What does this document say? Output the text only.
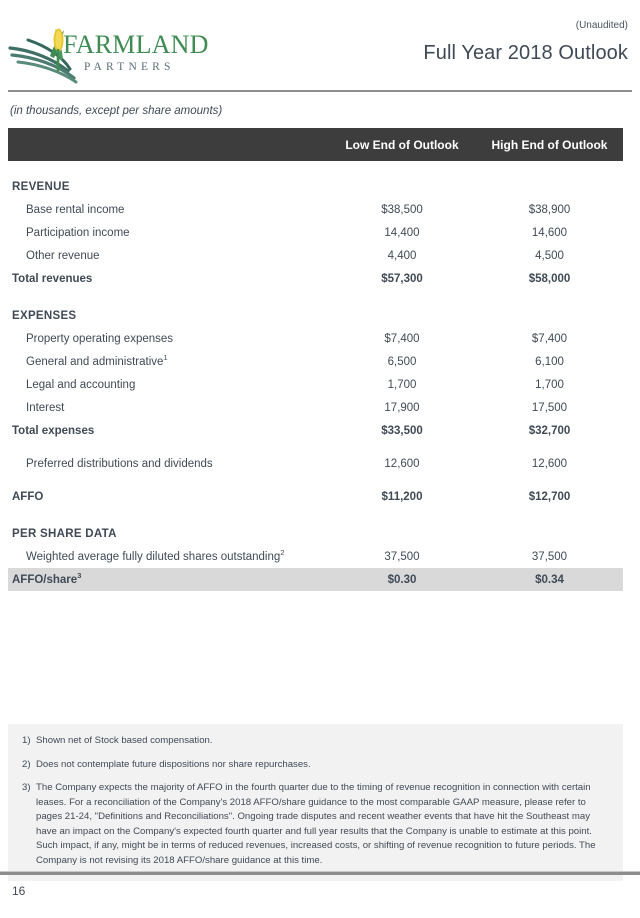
FARMLAND
PARTNERS
(Unaudited)
Full Year 2018 Outlook
(in thousands, except per share amounts)
	Low End of Outlook	High End of Outlook

REVENUE		
Base rental income	$38,500	$38,900
Participation income	14,400	14,600
Other revenue	4,400	4,500
Total revenues	$57,300	$58,000

EXPENSES		
Property operating expenses	$7,400	$7,400
General and administrative$^1$	6,500	6,100
Legal and accounting	1,700	1,700
Interest	17,900	17,500
Total expenses	$33,500	$32,700

Preferred distributions and dividends	12,600	12,600

AFFO	$11,200	$12,700

PER SHARE DATA		
Weighted average fully diluted shares outstanding$^2$	37,500	37,500
AFFO/share$^3$	$0.30	$0.34
1) Shown net of Stock based compensation.
2) Does not contemplate future dispositions nor share repurchases.
3) The Company expects the majority of AFFO in the fourth quarter due to the timing of revenue recognition in connection with certain leases. For a reconciliation of the Company's 2018 AFFO/share guidance to the most comparable GAAP measure, please refer to pages 21-24, "Definitions and Reconciliations". Ongoing trade disputes and recent weather events that have hit the Southeast may have an impact on the Company's expected fourth quarter and full year results that the Company is unable to estimate at this point. Such impact, if any, might be in terms of reduced revenues, increased costs, or shifting of revenue recognition to future periods. The Company is not revising its 2018 AFFO/share guidance at this time.
16
